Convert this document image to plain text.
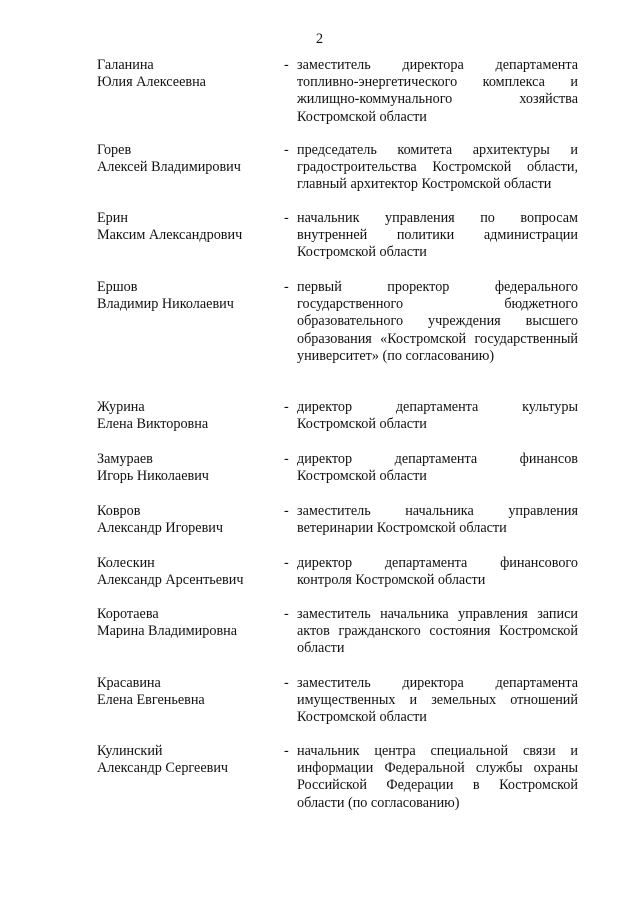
2
Галанина
Юлия Алексеевна
- заместитель директора департамента топливно-энергетического комплекса и жилищно-коммунального хозяйства Костромской области
Горев
Алексей Владимирович
- председатель комитета архитектуры и градостроительства Костромской области, главный архитектор Костромской области
Ерин
Максим Александрович
- начальник управления по вопросам внутренней политики администрации Костромской области
Ершов
Владимир Николаевич
- первый проректор федерального государственного бюджетного образовательного учреждения высшего образования «Костромской государственный университет» (по согласованию)
Журина
Елена Викторовна
- директор департамента культуры Костромской области
Замураев
Игорь Николаевич
- директор департамента финансов Костромской области
Ковров
Александр Игоревич
- заместитель начальника управления ветеринарии Костромской области
Колескин
Александр Арсентьевич
- директор департамента финансового контроля Костромской области
Коротаева
Марина Владимировна
- заместитель начальника управления записи актов гражданского состояния Костромской области
Красавина
Елена Евгеньевна
- заместитель директора департамента имущественных и земельных отношений Костромской области
Кулинский
Александр Сергеевич
- начальник центра специальной связи и информации Федеральной службы охраны Российской Федерации в Костромской области (по согласованию)
